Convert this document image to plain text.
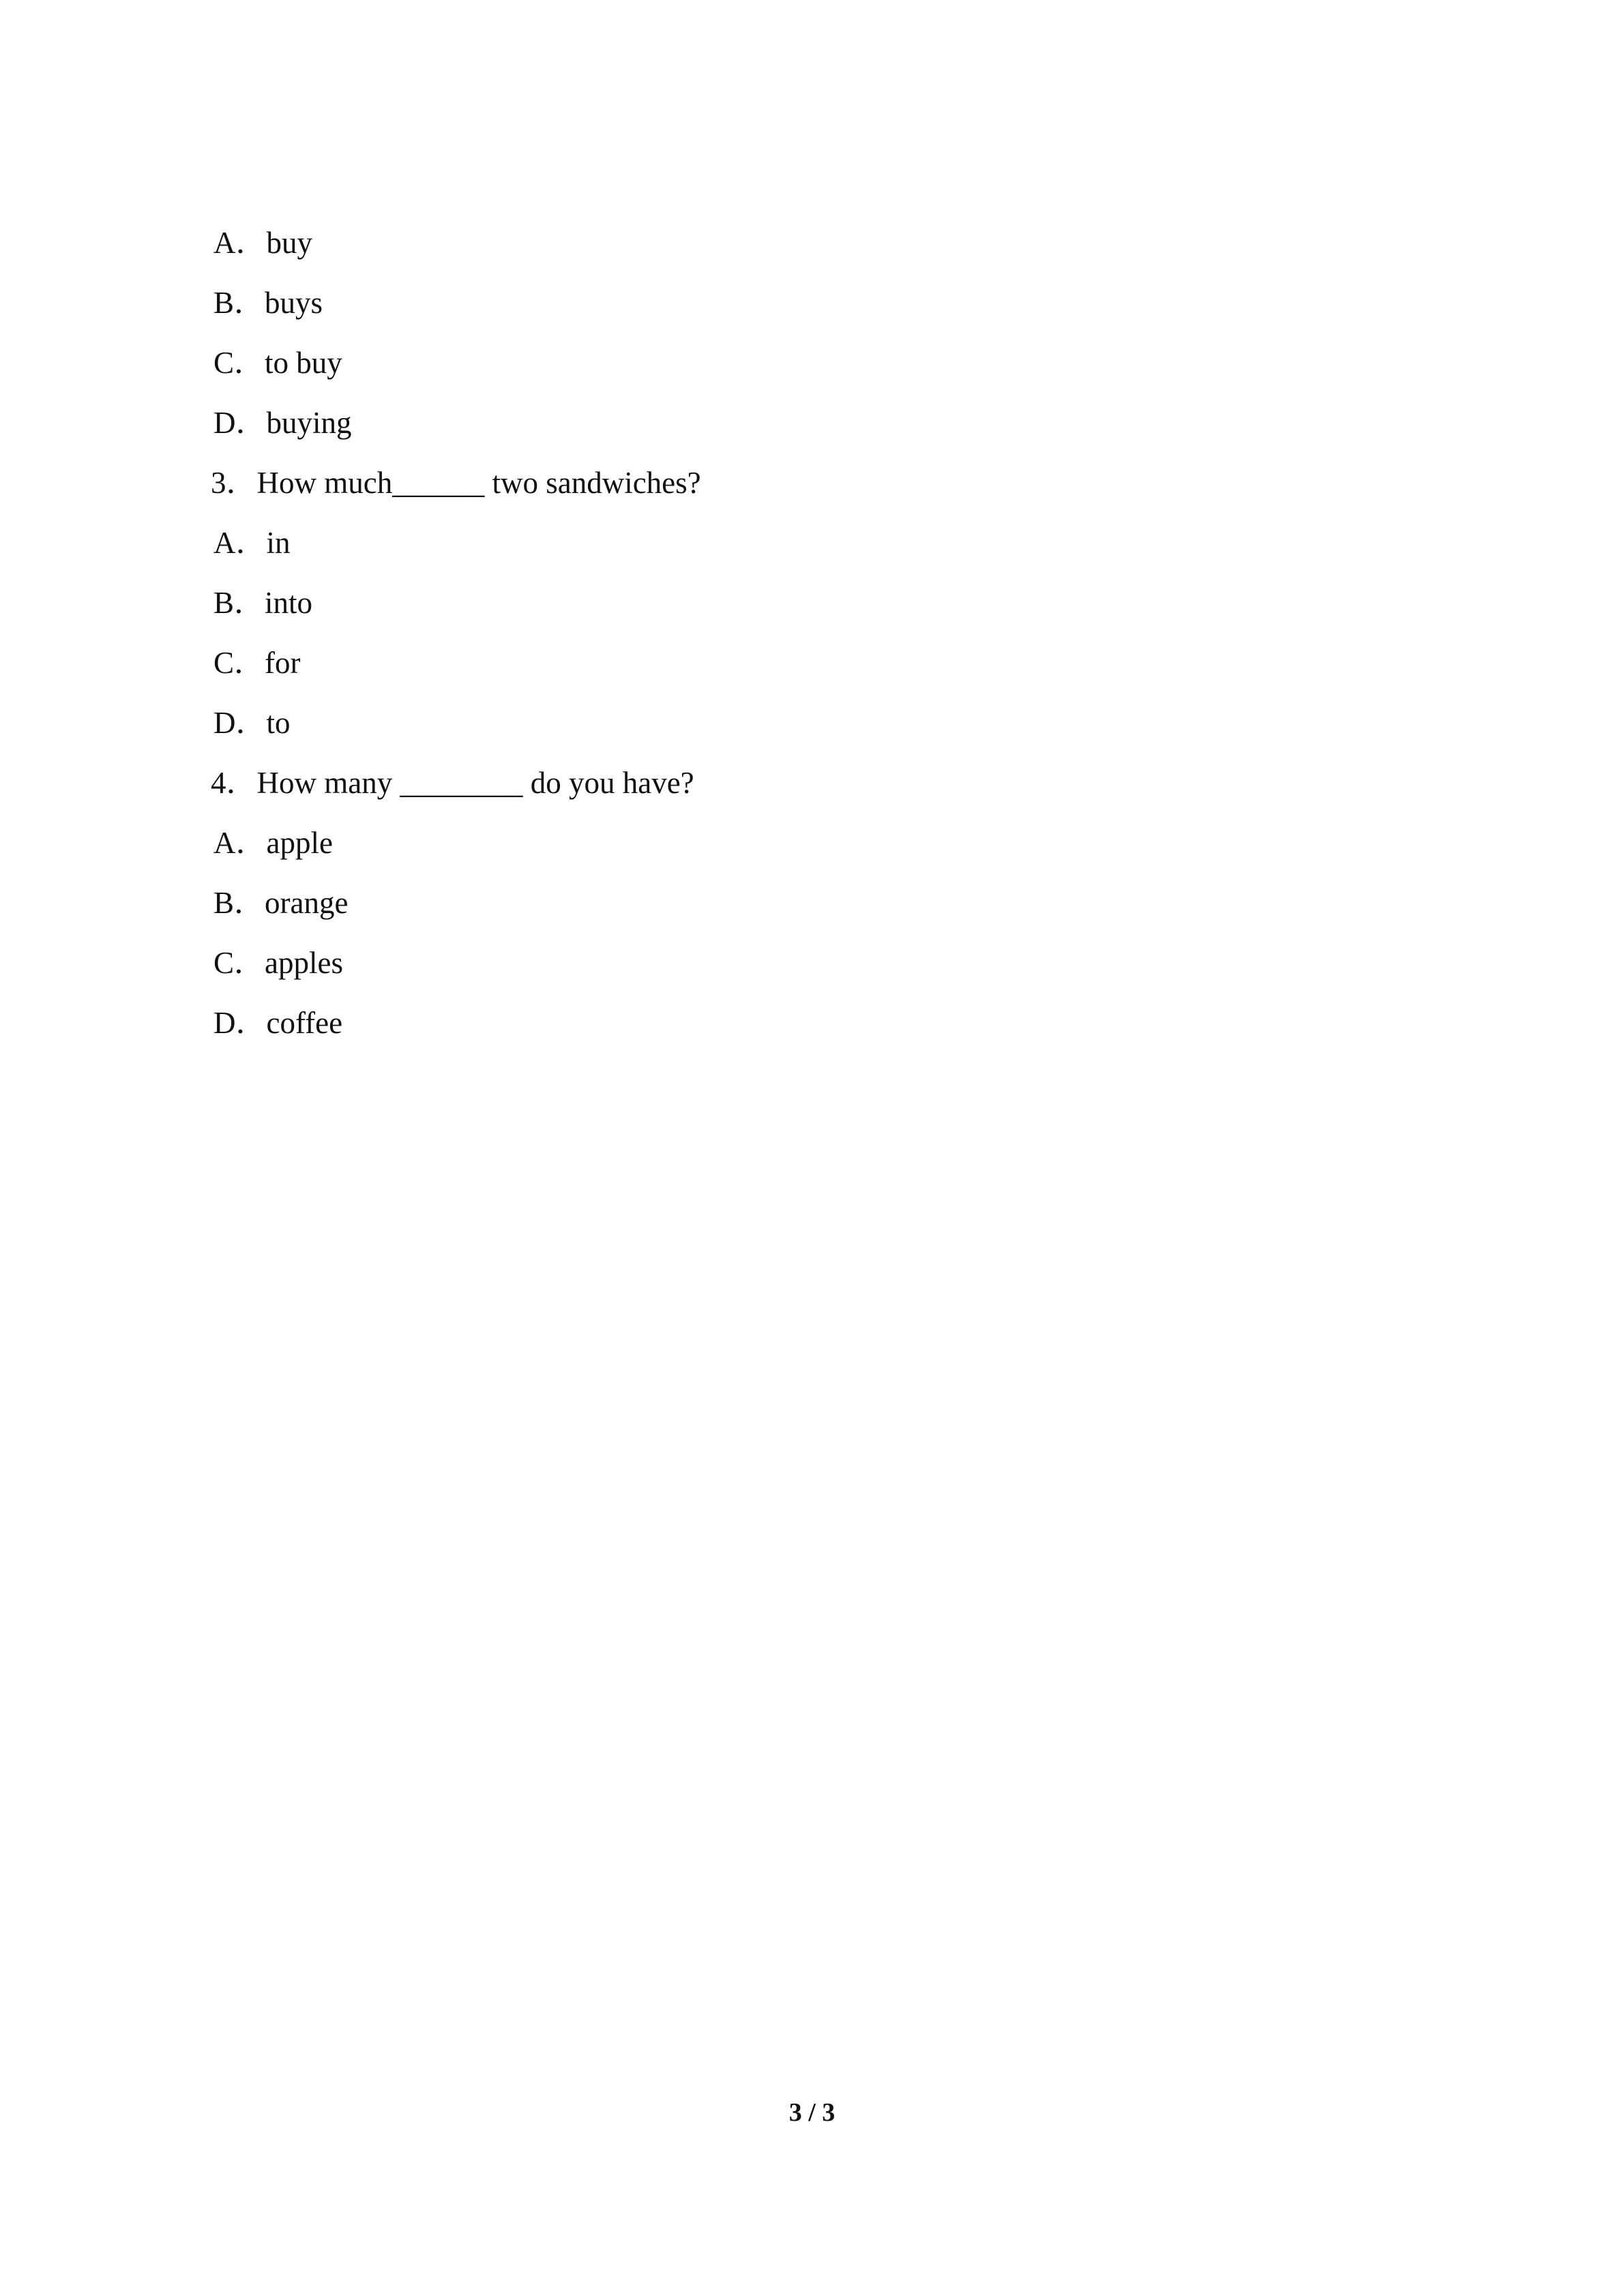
A．buy
B．buys
C．to buy
D．buying
3．How much______ two sandwiches?
A．in
B．into
C．for
D．to
4．How many ________ do you have?
A．apple
B．orange
C．apples
D．coffee
3 / 3
